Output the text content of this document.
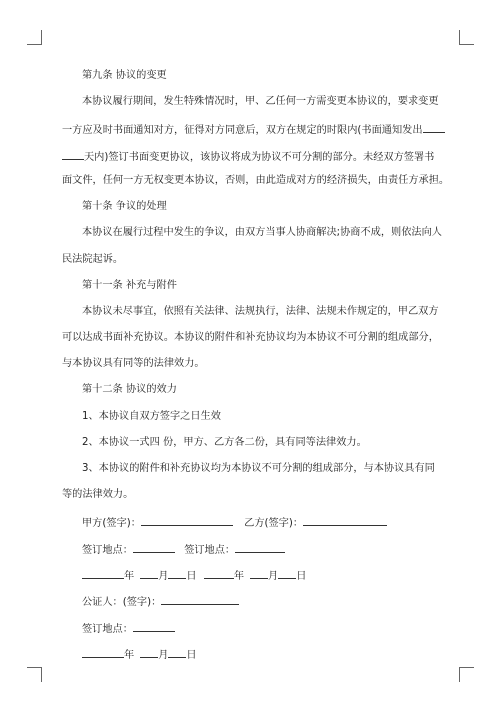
第九条 协议的变更
本协议履行期间，发生特殊情况时，甲、乙任何一方需变更本协议的，要求变更
一方应及时书面通知对方，征得对方同意后，双方在规定的时限内(书面通知发出
天内)签订书面变更协议，该协议将成为协议不可分割的部分。未经双方签署书
面文件，任何一方无权变更本协议，否则，由此造成对方的经济损失，由责任方承担。
第十条 争议的处理
本协议在履行过程中发生的争议，由双方当事人协商解决;协商不成，则依法向人
民法院起诉。
第十一条 补充与附件
本协议未尽事宜，依照有关法律、法规执行，法律、法规未作规定的，甲乙双方
可以达成书面补充协议。本协议的附件和补充协议均为本协议不可分割的组成部分，
与本协议具有同等的法律效力。
第十二条 协议的效力
1、本协议自双方签字之日生效
2、本协议一式四 份，甲方、乙方各二份，具有同等法律效力。
3、本协议的附件和补充协议均为本协议不可分割的组成部分，与本协议具有同
等的法律效力。
甲方(签字)：	乙方(签字)：
签订地点：	签订地点：
年 月 日	年 月 日
公证人：(签字)：
签订地点：
年 月 日
